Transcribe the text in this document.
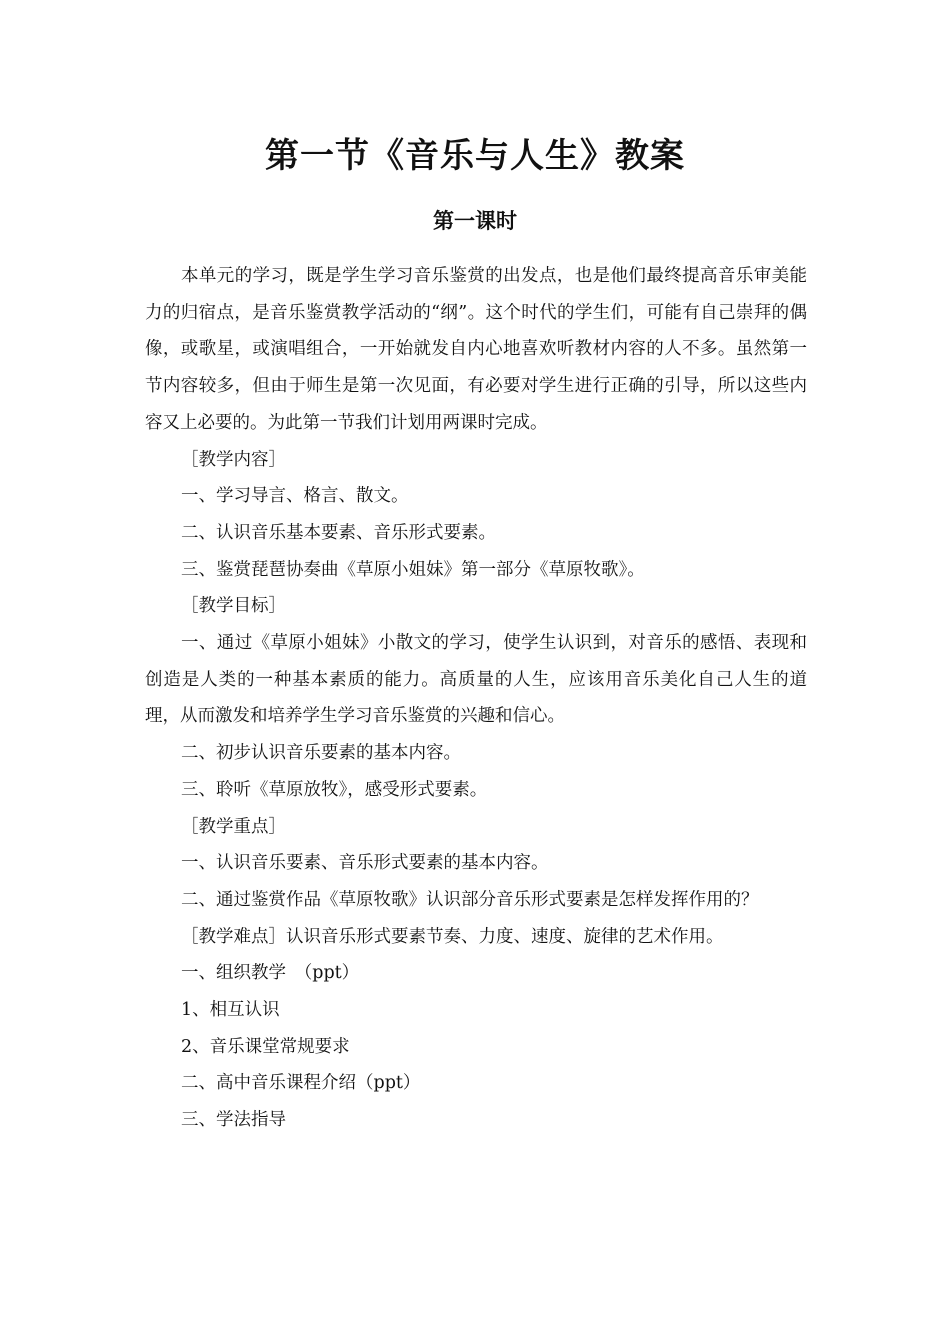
第一节《音乐与人生》教案
第一课时

本单元的学习，既是学生学习音乐鉴赏的出发点，也是他们最终提高音乐审美能力的归宿点，是音乐鉴赏教学活动的“纲”。这个时代的学生们，可能有自己崇拜的偶像，或歌星，或演唱组合，一开始就发自内心地喜欢听教材内容的人不多。虽然第一节内容较多，但由于师生是第一次见面，有必要对学生进行正确的引导，所以这些内容又上必要的。为此第一节我们计划用两课时完成。

［教学内容］

一、学习导言、格言、散文。

二、认识音乐基本要素、音乐形式要素。

三、鉴赏琵琶协奏曲《草原小姐妹》第一部分《草原牧歌》。

［教学目标］

一、通过《草原小姐妹》小散文的学习，使学生认识到，对音乐的感悟、表现和创造是人类的一种基本素质的能力。高质量的人生，应该用音乐美化自己人生的道理，从而激发和培养学生学习音乐鉴赏的兴趣和信心。

二、初步认识音乐要素的基本内容。

三、聆听《草原放牧》，感受形式要素。

［教学重点］

一、认识音乐要素、音乐形式要素的基本内容。

二、通过鉴赏作品《草原牧歌》认识部分音乐形式要素是怎样发挥作用的？

［教学难点］认识音乐形式要素节奏、力度、速度、旋律的艺术作用。

一、组织教学　（ppt）

1、相互认识

2、音乐课堂常规要求

二、高中音乐课程介绍（ppt）

三、学法指导
